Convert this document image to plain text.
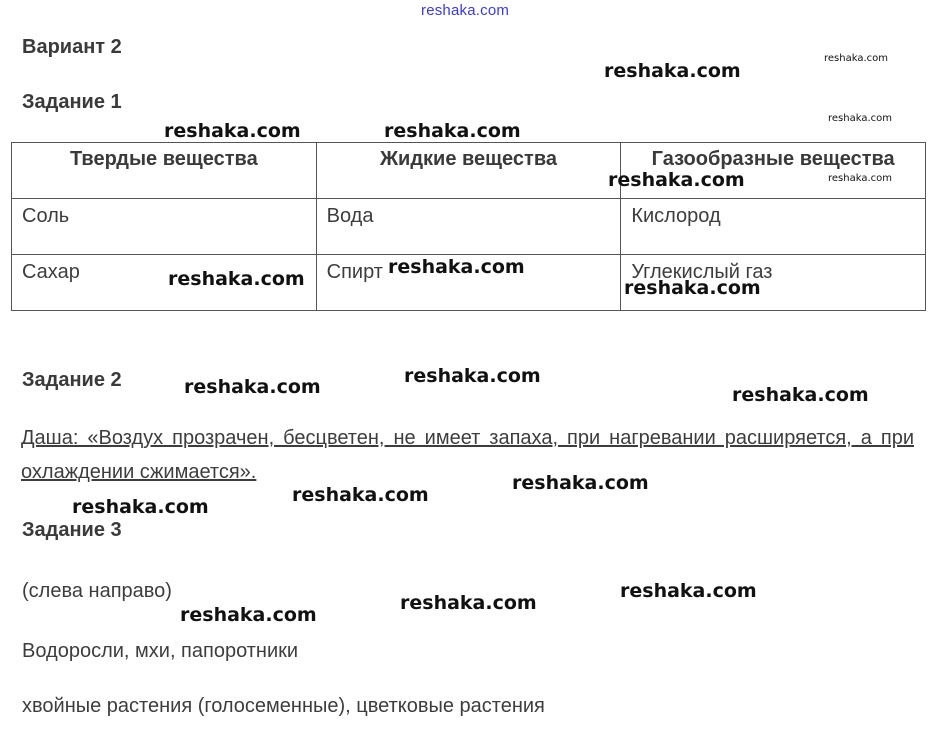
reshaka.com
Вариант 2
Задание 1
Твердые вещества	Жидкие вещества	Газообразные вещества
Соль	Вода	Кислород
Сахар	Спирт	Углекислый газ
Задание 2
Даша: «Воздух прозрачен, бесцветен, не имеет запаха, при нагревании расширяется, а при охлаждении сжимается».
Задание 3
(слева направо)
Водоросли, мхи, папоротники
хвойные растения (голосеменные), цветковые растения
reshaka.com
reshaka.com
reshaka.com
reshaka.com	reshaka.com
reshaka.com	reshaka.com
reshaka.com
reshaka.com
reshaka.com
reshaka.com	reshaka.com
reshaka.com
reshaka.com
reshaka.com
reshaka.com
reshaka.com
reshaka.com
reshaka.com
